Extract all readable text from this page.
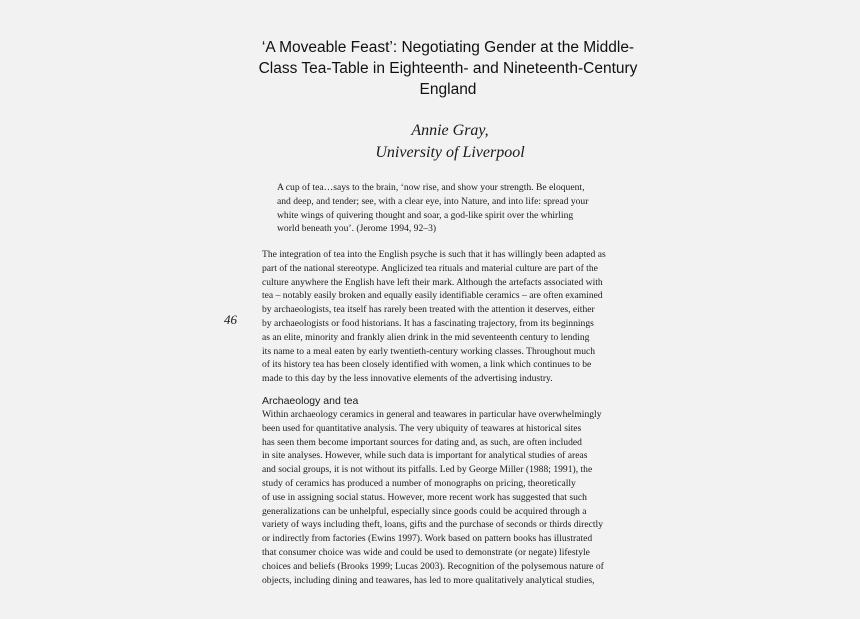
‘A Moveable Feast’: Negotiating Gender at the Middle-
Class Tea-Table in Eighteenth- and Nineteenth-Century
England
Annie Gray,
University of Liverpool
A cup of tea…says to the brain, ‘now rise, and show your strength. Be eloquent,
and deep, and tender; see, with a clear eye, into Nature, and into life: spread your
white wings of quivering thought and soar, a god-like spirit over the whirling
world beneath you’. (Jerome 1994, 92–3)
46
The integration of tea into the English psyche is such that it has willingly been adapted as
part of the national stereotype. Anglicized tea rituals and material culture are part of the
culture anywhere the English have left their mark. Although the artefacts associated with
tea – notably easily broken and equally easily identifiable ceramics – are often examined
by archaeologists, tea itself has rarely been treated with the attention it deserves, either
by archaeologists or food historians. It has a fascinating trajectory, from its beginnings
as an elite, minority and frankly alien drink in the mid seventeenth century to lending
its name to a meal eaten by early twentieth-century working classes. Throughout much
of its history tea has been closely identified with women, a link which continues to be
made to this day by the less innovative elements of the advertising industry.
Archaeology and tea
Within archaeology ceramics in general and teawares in particular have overwhelmingly
been used for quantitative analysis. The very ubiquity of teawares at historical sites
has seen them become important sources for dating and, as such, are often included
in site analyses. However, while such data is important for analytical studies of areas
and social groups, it is not without its pitfalls. Led by George Miller (1988; 1991), the
study of ceramics has produced a number of monographs on pricing, theoretically
of use in assigning social status. However, more recent work has suggested that such
generalizations can be unhelpful, especially since goods could be acquired through a
variety of ways including theft, loans, gifts and the purchase of seconds or thirds directly
or indirectly from factories (Ewins 1997). Work based on pattern books has illustrated
that consumer choice was wide and could be used to demonstrate (or negate) lifestyle
choices and beliefs (Brooks 1999; Lucas 2003). Recognition of the polysemous nature of
objects, including dining and teawares, has led to more qualitatively analytical studies,
